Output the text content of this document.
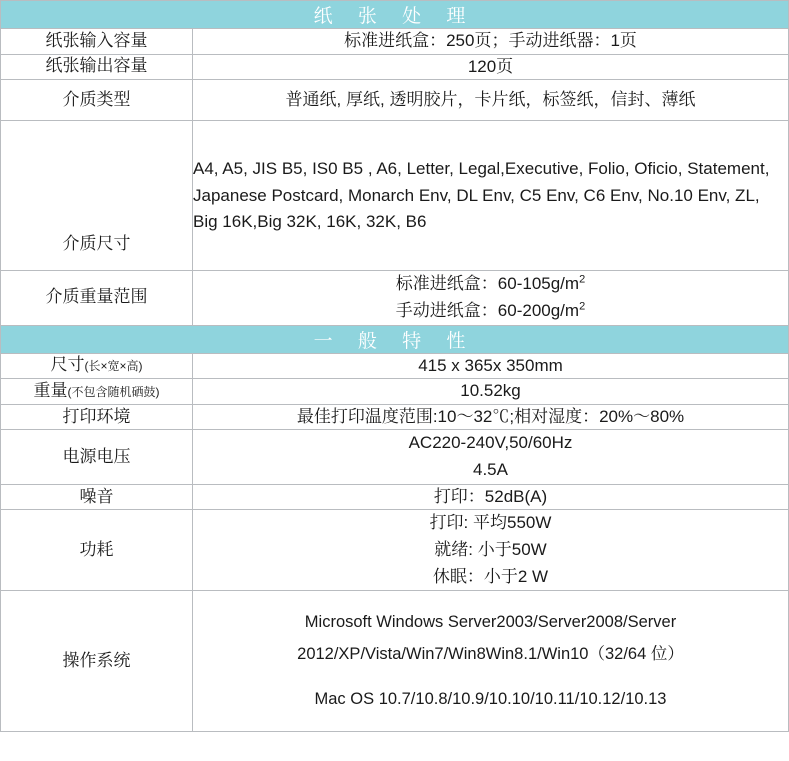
纸 张 处 理	
纸张输入容量	标准进纸盒：250页；手动进纸器：1页
纸张输出容量	120页
介质类型	普通纸, 厚纸, 透明胶片，卡片纸，标签纸，信封、薄纸
介质尺寸	A4, A5, JIS B5, IS0 B5 , A6, Letter, Legal,Executive, Folio, Oficio, Statement, Japanese Postcard, Monarch Env, DL Env, C5 Env, C6 Env, No.10 Env, ZL, Big 16K,Big 32K, 16K, 32K, B6
介质重量范围	标准进纸盒：$60-105g/m^2$
手动进纸盒：$60-200g/m^2$

一 般 特 性	
尺寸(长×宽×高)	415 x 365x 350mm
重量(不包含随机硒鼓)	10.52kg
打印环境	最佳打印温度范围:10～32℃;相对湿度：20%～80%
电源电压	AC220-240V,50/60Hz
4.5A

噪音	打印：52dB(A)
功耗	打印: 平均550W
就绪: 小于50W
休眠：小于2 W

操作系统	Microsoft Windows Server2003/Server2008/Server 2012/XP/Vista/Win7/Win8Win8.1/Win10（32/64 位）
Mac OS 10.7/10.8/10.9/10.10/10.11/10.12/10.13
